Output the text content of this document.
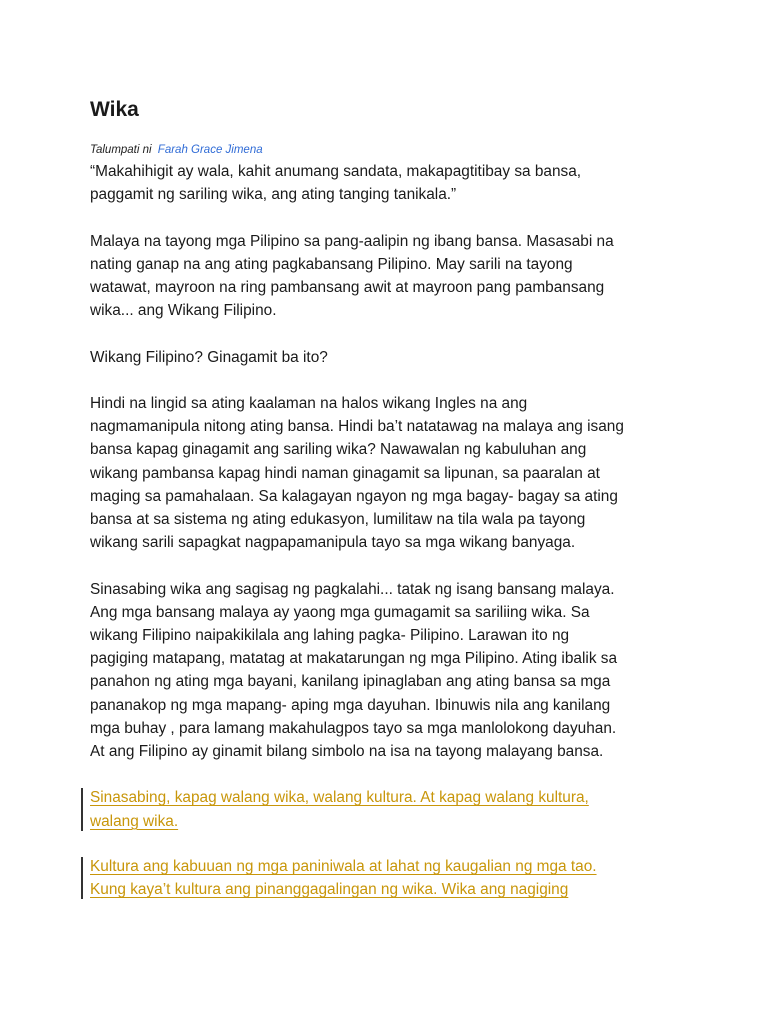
Wika
Talumpati ni Farah Grace Jimena

“Makahihigit ay wala, kahit anumang sandata, makapagtitibay sa bansa,
paggamit ng sariling wika, ang ating tanging tanikala.”

Malaya na tayong mga Pilipino sa pang-aalipin ng ibang bansa. Masasabi na
nating ganap na ang ating pagkabansang Pilipino. May sarili na tayong
watawat, mayroon na ring pambansang awit at mayroon pang pambansang
wika... ang Wikang Filipino.

Wikang Filipino? Ginagamit ba ito?

Hindi na lingid sa ating kaalaman na halos wikang Ingles na ang
nagmamanipula nitong ating bansa. Hindi ba’t natatawag na malaya ang isang
bansa kapag ginagamit ang sariling wika? Nawawalan ng kabuluhan ang
wikang pambansa kapag hindi naman ginagamit sa lipunan, sa paaralan at
maging sa pamahalaan. Sa kalagayan ngayon ng mga bagay- bagay sa ating
bansa at sa sistema ng ating edukasyon, lumilitaw na tila wala pa tayong
wikang sarili sapagkat nagpapamanipula tayo sa mga wikang banyaga.

Sinasabing wika ang sagisag ng pagkalahi... tatak ng isang bansang malaya.
Ang mga bansang malaya ay yaong mga gumagamit sa sariliing wika. Sa
wikang Filipino naipakikilala ang lahing pagka- Pilipino. Larawan ito ng
pagiging matapang, matatag at makatarungan ng mga Pilipino. Ating ibalik sa
panahon ng ating mga bayani, kanilang ipinaglaban ang ating bansa sa mga
pananakop ng mga mapang- aping mga dayuhan. Ibinuwis nila ang kanilang
mga buhay , para lamang makahulagpos tayo sa mga manlolokong dayuhan.
At ang Filipino ay ginamit bilang simbolo na isa na tayong malayang bansa.

Sinasabing, kapag walang wika, walang kultura. At kapag walang kultura,
walang wika.
Kultura ang kabuuan ng mga paniniwala at lahat ng kaugalian ng mga tao.
Kung kaya’t kultura ang pinanggagalingan ng wika. Wika ang nagiging
